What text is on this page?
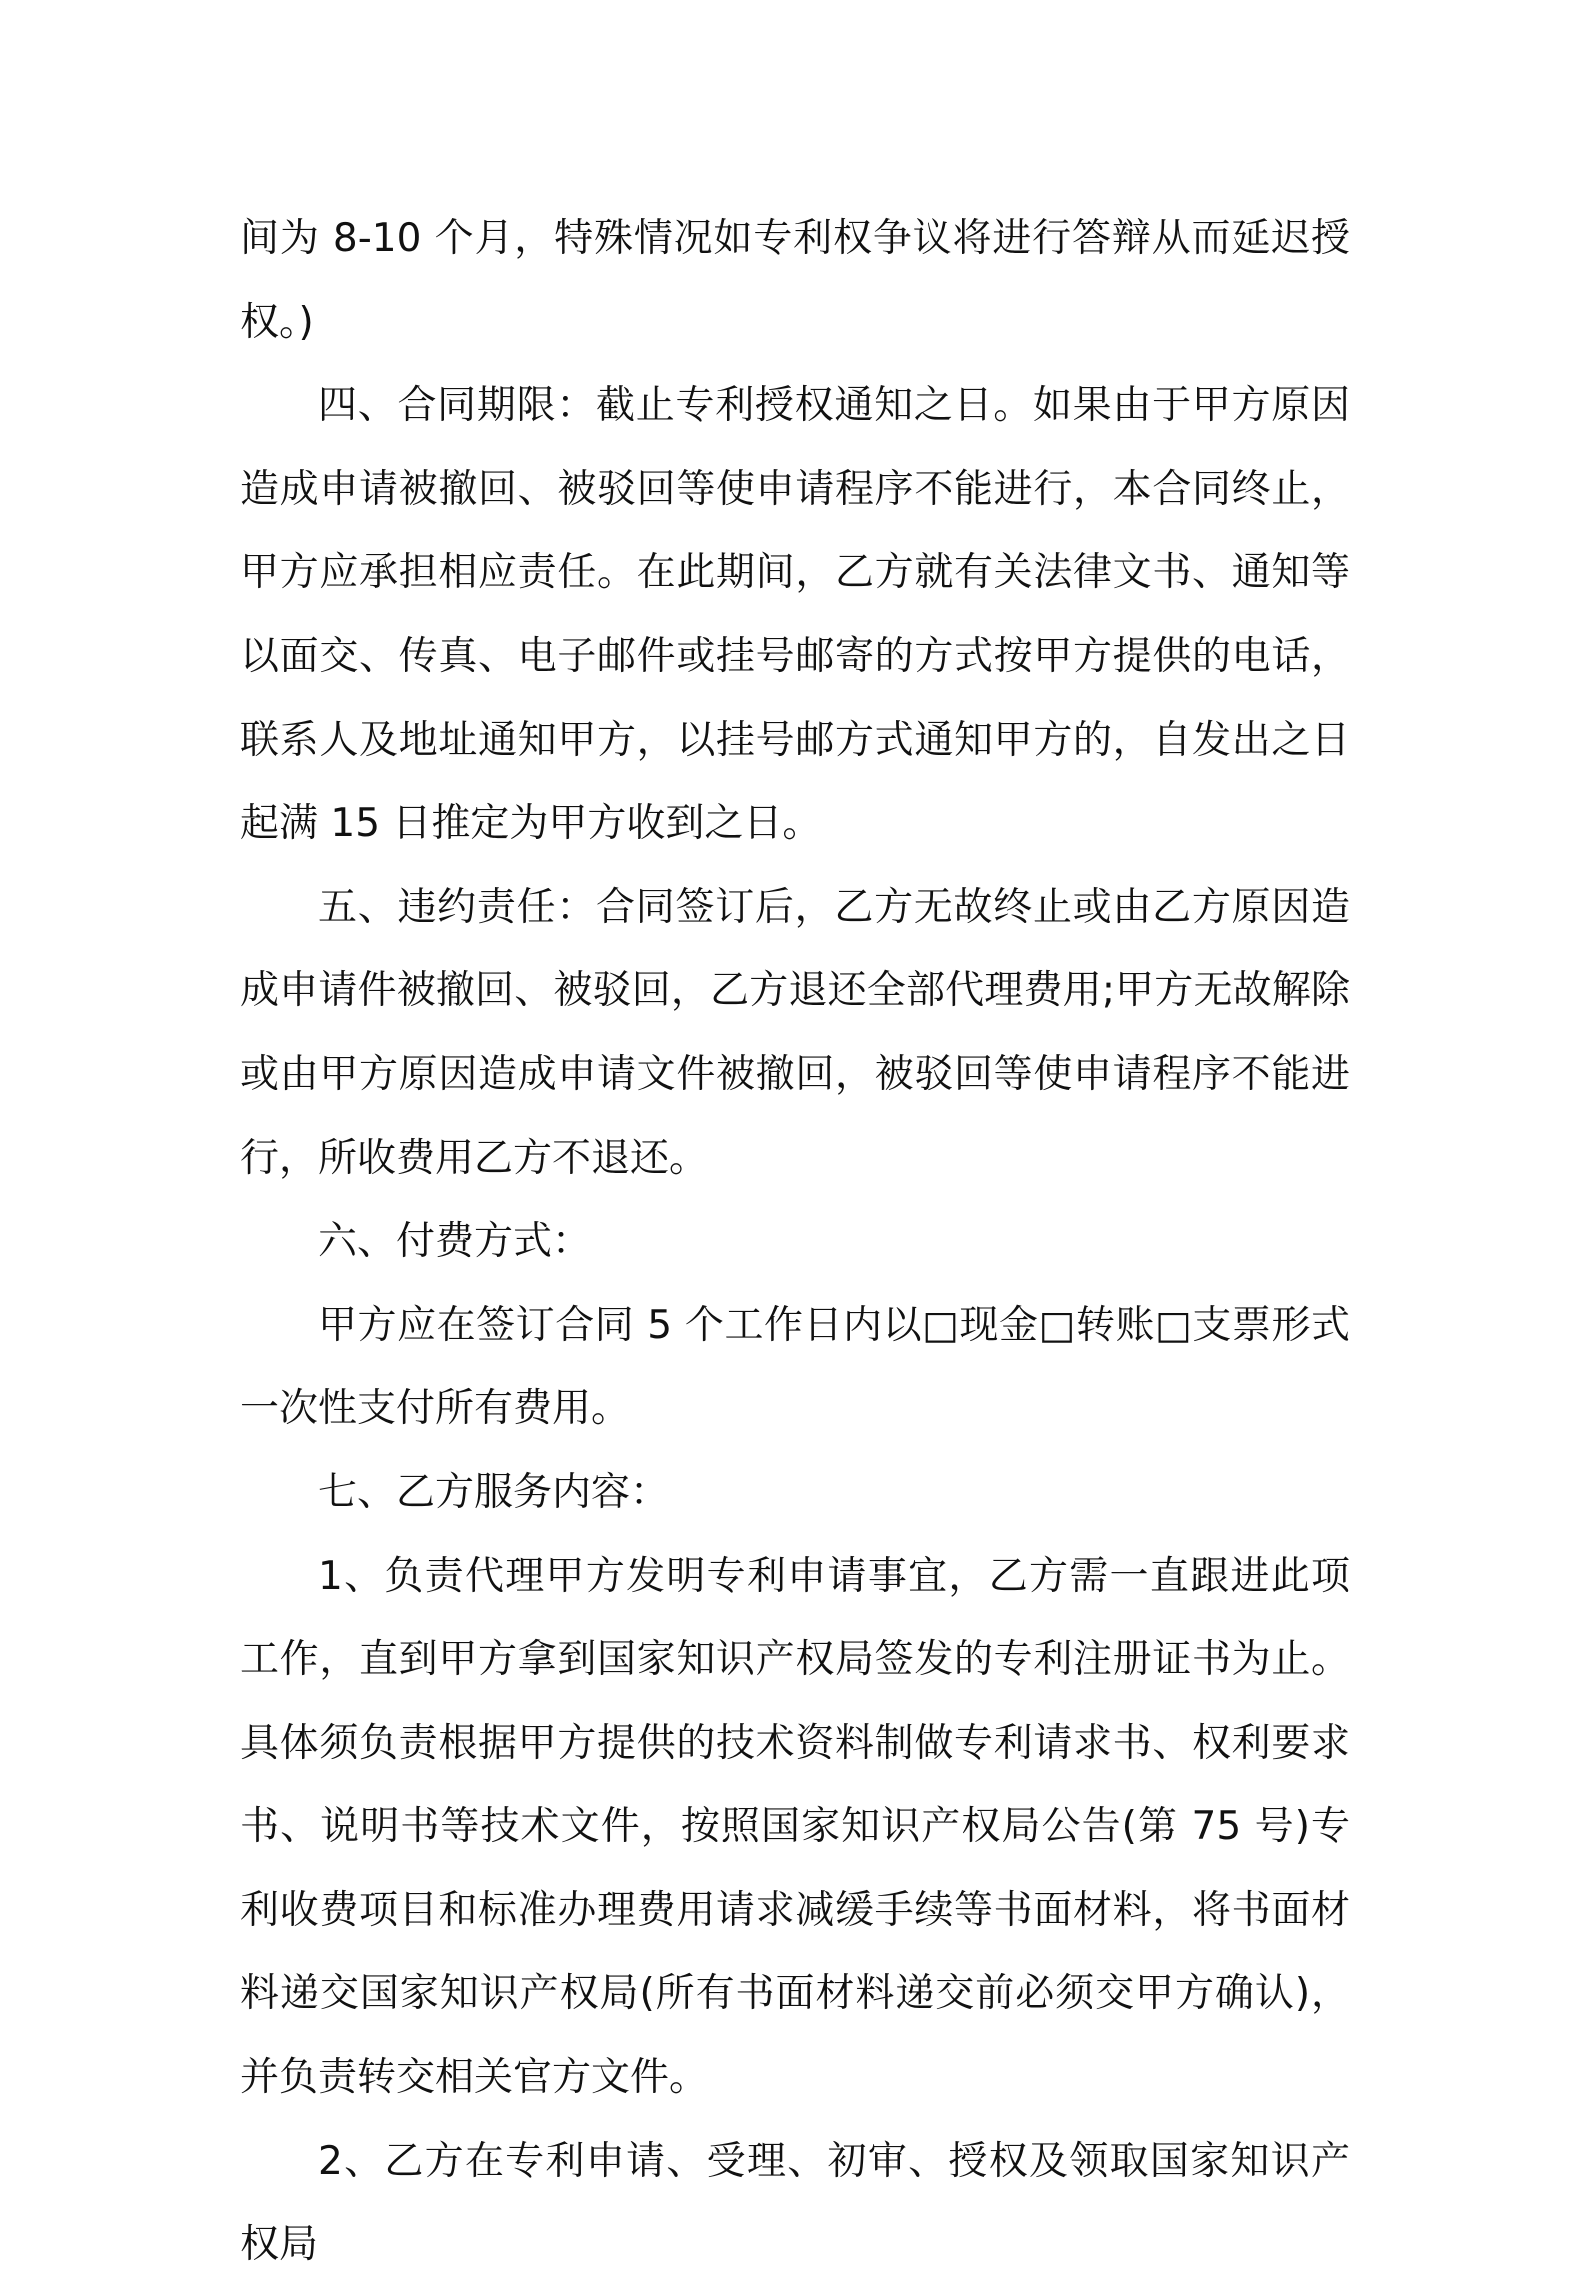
间为 8-10 个月，特殊情况如专利权争议将进行答辩从而延迟授权。)

四、合同期限：截止专利授权通知之日。如果由于甲方原因造成申请被撤回、被驳回等使申请程序不能进行，本合同终止，甲方应承担相应责任。在此期间，乙方就有关法律文书、通知等以面交、传真、电子邮件或挂号邮寄的方式按甲方提供的电话，联系人及地址通知甲方，以挂号邮方式通知甲方的，自发出之日起满 15 日推定为甲方收到之日。

五、违约责任：合同签订后，乙方无故终止或由乙方原因造成申请件被撤回、被驳回，乙方退还全部代理费用;甲方无故解除或由甲方原因造成申请文件被撤回，被驳回等使申请程序不能进行，所收费用乙方不退还。

六、付费方式：

甲方应在签订合同 5 个工作日内以□现金□转账□支票形式一次性支付所有费用。

七、乙方服务内容：

1、负责代理甲方发明专利申请事宜，乙方需一直跟进此项工作，直到甲方拿到国家知识产权局签发的专利注册证书为止。具体须负责根据甲方提供的技术资料制做专利请求书、权利要求书、说明书等技术文件，按照国家知识产权局公告(第 75 号)专利收费项目和标准办理费用请求减缓手续等书面材料，将书面材料递交国家知识产权局(所有书面材料递交前必须交甲方确认)，并负责转交相关官方文件。

2、乙方在专利申请、受理、初审、授权及领取国家知识产权局
